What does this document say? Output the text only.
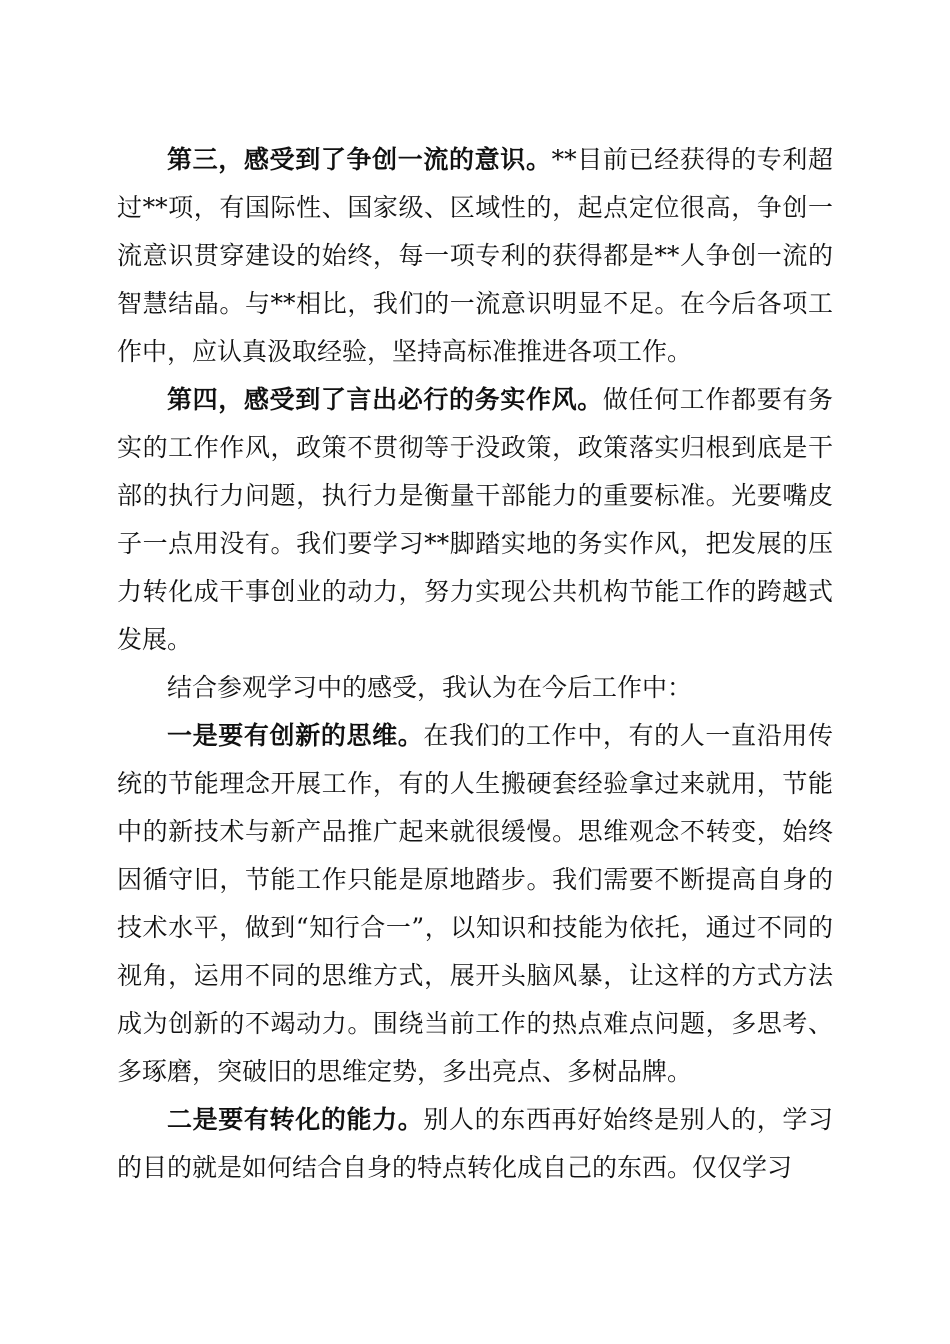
第三，感受到了争创一流的意识。**目前已经获得的专利超过**项，有国际性、国家级、区域性的，起点定位很高，争创一流意识贯穿建设的始终，每一项专利的获得都是**人争创一流的智慧结晶。与**相比，我们的一流意识明显不足。在今后各项工作中，应认真汲取经验，坚持高标准推进各项工作。

第四，感受到了言出必行的务实作风。做任何工作都要有务实的工作作风，政策不贯彻等于没政策，政策落实归根到底是干部的执行力问题，执行力是衡量干部能力的重要标准。光要嘴皮子一点用没有。我们要学习**脚踏实地的务实作风，把发展的压力转化成干事创业的动力，努力实现公共机构节能工作的跨越式发展。

结合参观学习中的感受，我认为在今后工作中：

一是要有创新的思维。在我们的工作中，有的人一直沿用传统的节能理念开展工作，有的人生搬硬套经验拿过来就用，节能中的新技术与新产品推广起来就很缓慢。思维观念不转变，始终因循守旧，节能工作只能是原地踏步。我们需要不断提高自身的技术水平，做到“知行合一”，以知识和技能为依托，通过不同的视角，运用不同的思维方式，展开头脑风暴，让这样的方式方法成为创新的不竭动力。围绕当前工作的热点难点问题，多思考、多琢磨，突破旧的思维定势，多出亮点、多树品牌。

二是要有转化的能力。别人的东西再好始终是别人的，学习的目的就是如何结合自身的特点转化成自己的东西。仅仅学习
